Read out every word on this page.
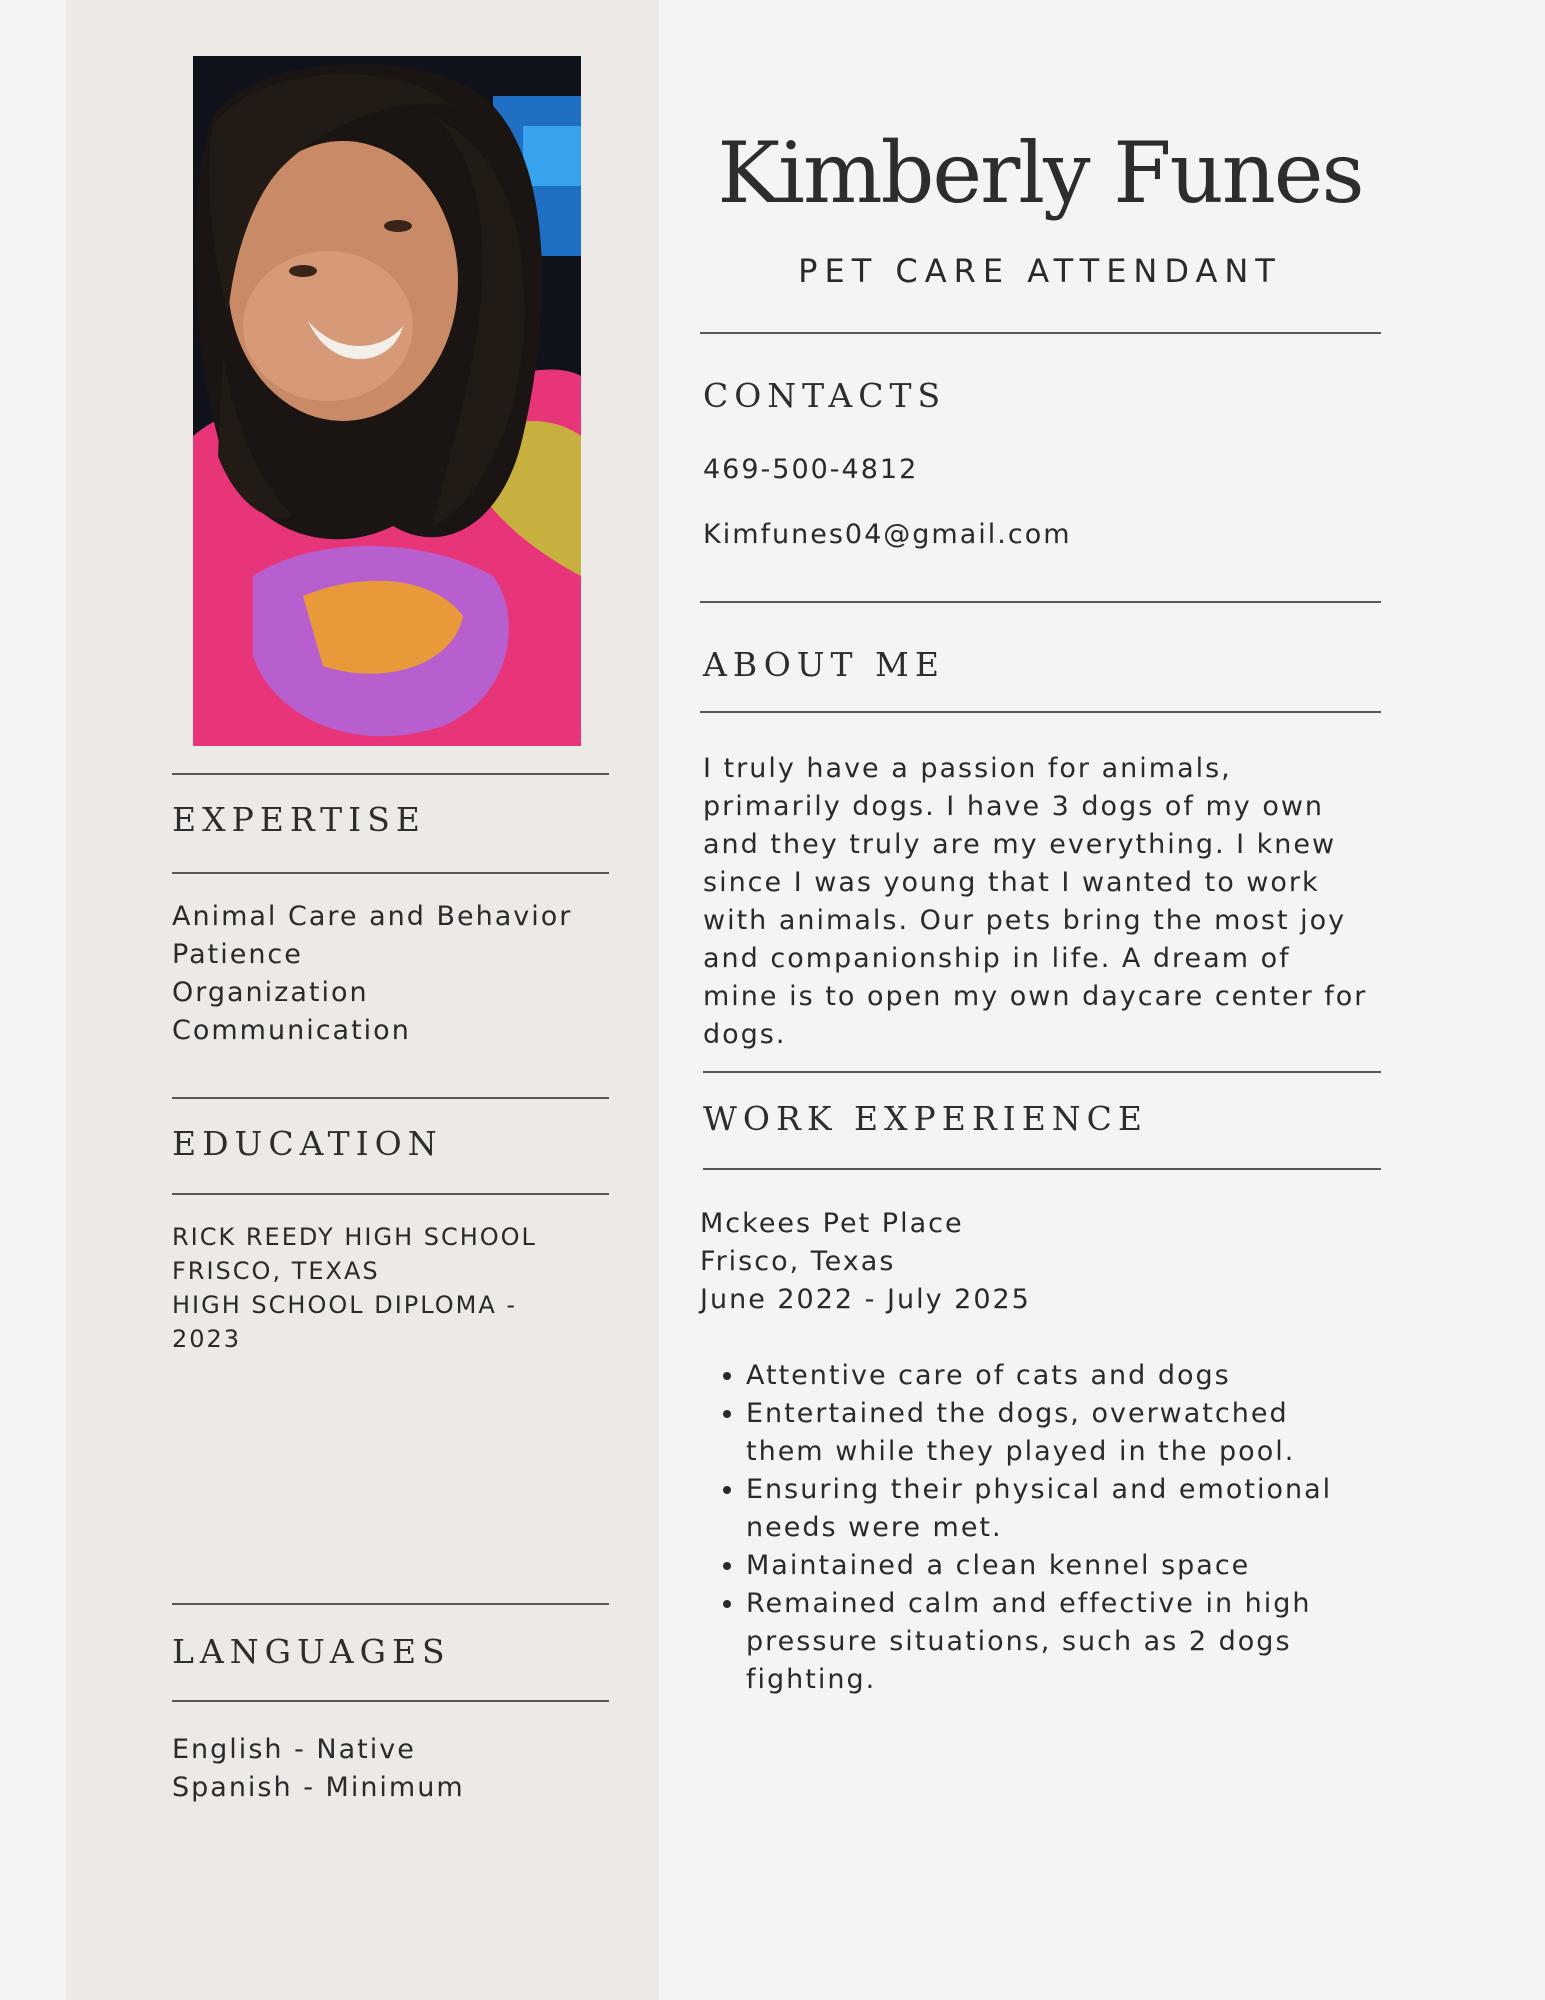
EXPERTISE
Animal Care and Behavior
Patience
Organization
Communication
EDUCATION
RICK REEDY HIGH SCHOOL
FRISCO, TEXAS
HIGH SCHOOL DIPLOMA -
2023
LANGUAGES
English - Native
Spanish - Minimum
Kimberly Funes
PET CARE ATTENDANT
CONTACTS
469-500-4812
Kimfunes04@gmail.com
ABOUT ME
I truly have a passion for animals,
primarily dogs. I have 3 dogs of my own
and they truly are my everything. I knew
since I was young that I wanted to work
with animals. Our pets bring the most joy
and companionship in life. A dream of
mine is to open my own daycare center for
dogs.
WORK EXPERIENCE
Mckees Pet Place
Frisco, Texas
June 2022 - July 2025
• Attentive care of cats and dogs
• Entertained the dogs, overwatched
them while they played in the pool.
• Ensuring their physical and emotional
needs were met.
• Maintained a clean kennel space
• Remained calm and effective in high
pressure situations, such as 2 dogs
fighting.
